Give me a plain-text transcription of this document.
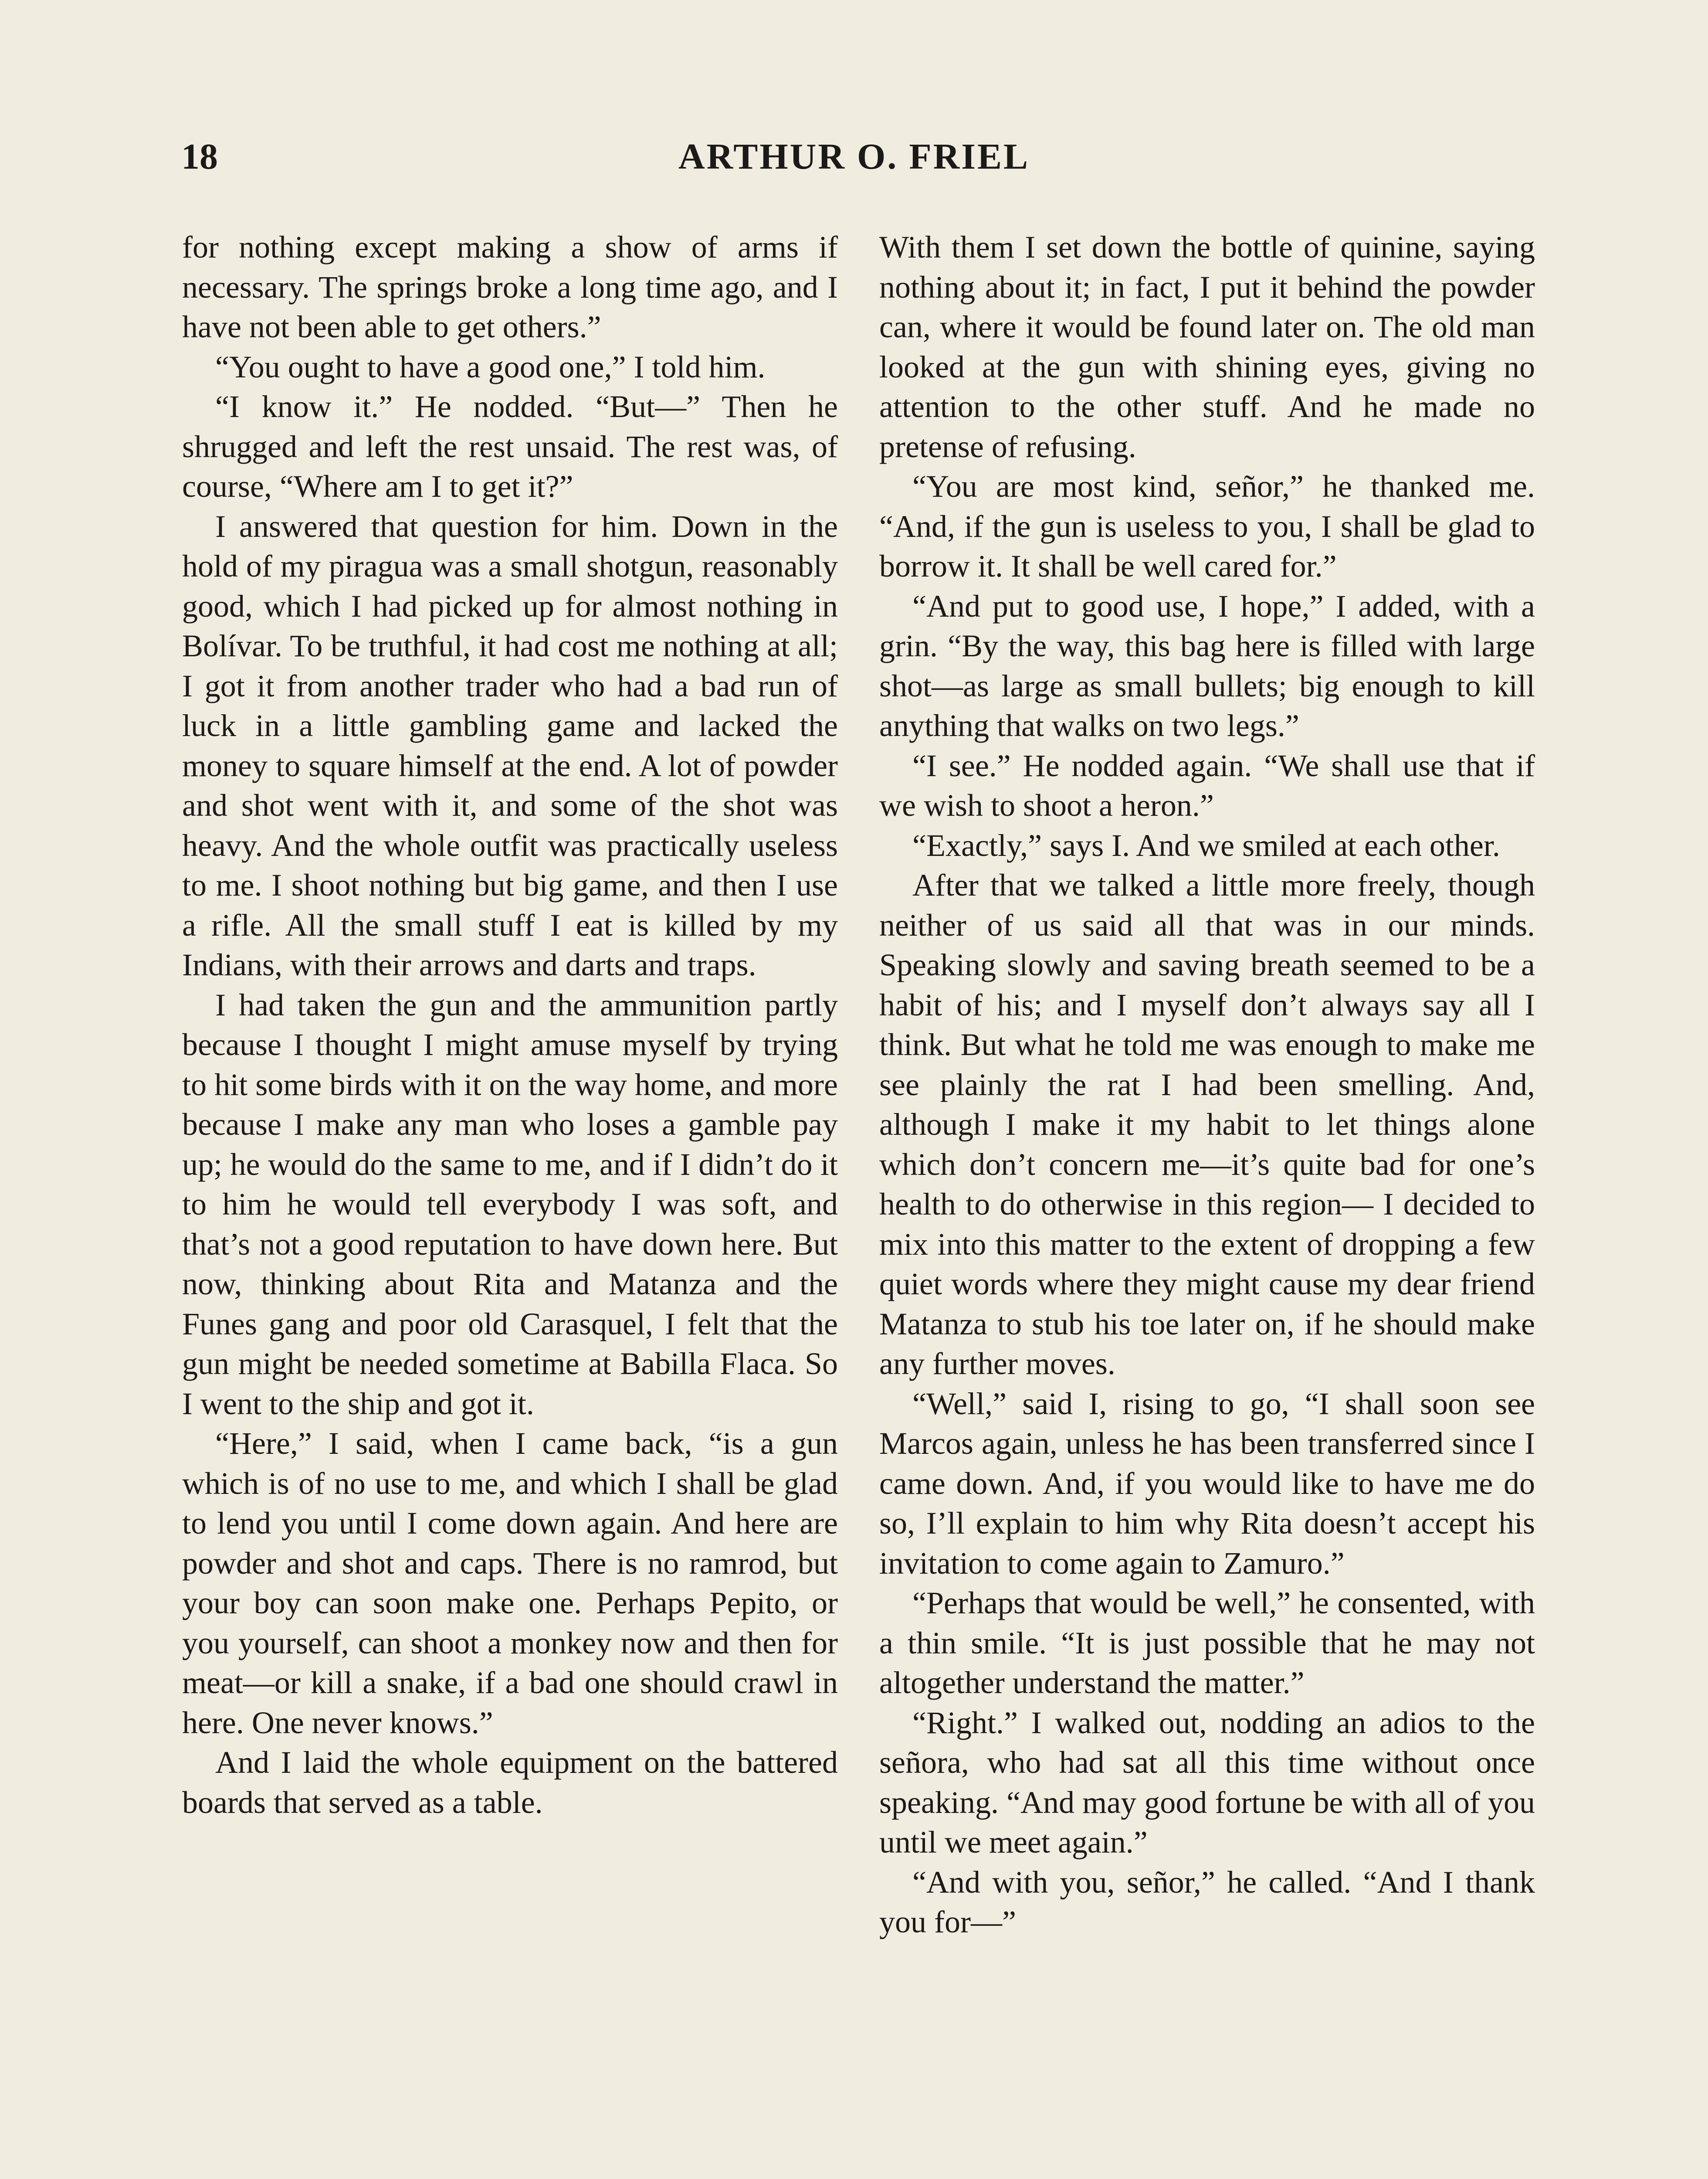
18	ARTHUR O. FRIEL

for nothing except making a show of arms if necessary. The springs broke a long time ago, and I have not been able to get others.”

“You ought to have a good one,” I told him.

“I know it.” He nodded. “But—” Then he shrugged and left the rest unsaid. The rest was, of course, “Where am I to get it?”

I answered that question for him. Down in the hold of my piragua was a small shotgun, reasonably good, which I had picked up for almost nothing in Bolívar. To be truthful, it had cost me nothing at all; I got it from another trader who had a bad run of luck in a little gambling game and lacked the money to square himself at the end. A lot of powder and shot went with it, and some of the shot was heavy. And the whole outfit was practically useless to me. I shoot nothing but big game, and then I use a rifle. All the small stuff I eat is killed by my Indians, with their arrows and darts and traps.

I had taken the gun and the ammunition partly because I thought I might amuse myself by trying to hit some birds with it on the way home, and more because I make any man who loses a gamble pay up; he would do the same to me, and if I didn’t do it to him he would tell everybody I was soft, and that’s not a good reputation to have down here. But now, thinking about Rita and Matanza and the Funes gang and poor old Carasquel, I felt that the gun might be needed sometime at Babilla Flaca. So I went to the ship and got it.

“Here,” I said, when I came back, “is a gun which is of no use to me, and which I shall be glad to lend you until I come down again. And here are powder and shot and caps. There is no ramrod, but your boy can soon make one. Perhaps Pepito, or you yourself, can shoot a monkey now and then for meat—or kill a snake, if a bad one should crawl in here. One never knows.”

And I laid the whole equipment on the battered boards that served as a table.

With them I set down the bottle of quinine, saying nothing about it; in fact, I put it behind the powder can, where it would be found later on. The old man looked at the gun with shining eyes, giving no attention to the other stuff. And he made no pretense of refusing.

“You are most kind, señor,” he thanked me. “And, if the gun is useless to you, I shall be glad to borrow it. It shall be well cared for.”

“And put to good use, I hope,” I added, with a grin. “By the way, this bag here is filled with large shot—as large as small bullets; big enough to kill anything that walks on two legs.”

“I see.” He nodded again. “We shall use that if we wish to shoot a heron.”

“Exactly,” says I. And we smiled at each other.

After that we talked a little more freely, though neither of us said all that was in our minds. Speaking slowly and saving breath seemed to be a habit of his; and I myself don’t always say all I think. But what he told me was enough to make me see plainly the rat I had been smelling. And, although I make it my habit to let things alone which don’t concern me—it’s quite bad for one’s health to do otherwise in this region— I decided to mix into this matter to the extent of dropping a few quiet words where they might cause my dear friend Matanza to stub his toe later on, if he should make any further moves.

“Well,” said I, rising to go, “I shall soon see Marcos again, unless he has been transferred since I came down. And, if you would like to have me do so, I’ll explain to him why Rita doesn’t accept his invitation to come again to Zamuro.”

“Perhaps that would be well,” he consented, with a thin smile. “It is just possible that he may not altogether understand the matter.”

“Right.” I walked out, nodding an adios to the señora, who had sat all this time without once speaking. “And may good fortune be with all of you until we meet again.”

“And with you, señor,” he called. “And I thank you for—”
